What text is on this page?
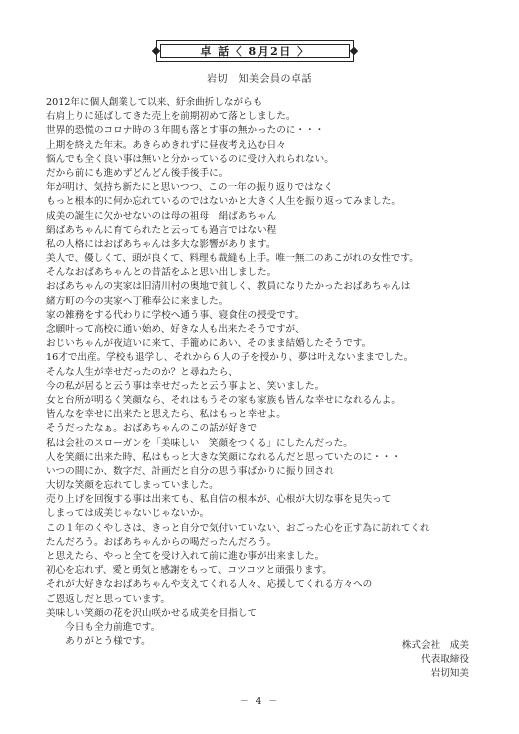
卓 話〈 8月2日 〉
岩切　知美会員の卓話
2012年に個人創業して以来、紆余曲折しながらも
右肩上りに延ばしてきた売上を前期初めて落としました。
世界的恐慌のコロナ時の３年間も落とす事の無かったのに・・・
上期を終えた年末。あきらめきれずに昼夜考え込む日々
悩んでも全く良い事は無いと分かっているのに受け入れられない。
だから前にも進めずどんどん後手後手に。
年が明け、気持ち新たにと思いつつ、この一年の振り返りではなく
もっと根本的に何か忘れているのではないかと大きく人生を振り返ってみました。
成美の誕生に欠かせないのは母の祖母　絹ばあちゃん
絹ばあちゃんに育てられたと云っても過言ではない程
私の人格にはおばあちゃんは多大な影響があります。
美人で、優しくて、頭が良くて、料理も裁縫も上手。唯一無二のあこがれの女性です。
そんなおばあちゃんとの昔話をふと思い出しました。
おばあちゃんの実家は旧清川村の奥地で貧しく、教員になりたかったおばあちゃんは
緒方町の今の実家へ丁稚奉公に来ました。
家の雑務をする代わりに学校へ通う事、寝食住の授受です。
念願叶って高校に通い始め、好きな人も出来たそうですが、
おじいちゃんが夜這いに来て、手籠めにあい、そのまま結婚したそうです。
16才で出産。学校も退学し、それから６人の子を授かり、夢は叶えないままでした。
そんな人生が幸せだったのか？と尋ねたら、
今の私が居ると云う事は幸せだったと云う事よと、笑いました。
女と台所が明るく笑顔なら、それはもうその家も家族も皆んな幸せになれるんよ。
皆んなを幸せに出来たと思えたら、私はもっと幸せよ。
そうだったなぁ。おばあちゃんのこの話が好きで
私は会社のスローガンを「美味しい　笑顔をつくる」にしたんだった。
人を笑顔に出来た時、私はもっと大きな笑顔になれるんだと思っていたのに・・・
いつの間にか、数字だ、計画だと自分の思う事ばかりに振り回され
大切な笑顔を忘れてしまっていました。
売り上げを回復する事は出来ても、私自信の根本が、心根が大切な事を見失って
しまっては成美じゃないじゃないか。
この１年のくやしさは、きっと自分で気付いていない、おごった心を正す為に訪れてくれ
たんだろう。おばあちゃんからの喝だったんだろう。
と思えたら、やっと全てを受け入れて前に進む事が出来ました。
初心を忘れず、愛と勇気と感謝をもって、コツコツと頑張ります。
それが大好きなおばあちゃんや支えてくれる人々、応援してくれる方々への
ご恩返しだと思っています。
美味しい笑顔の花を沢山咲かせる成美を目指して
　　今日も全力前進です。
　　ありがとう様です。	株式会社　成美
代表取締役
岩切知美
－ 4 －
